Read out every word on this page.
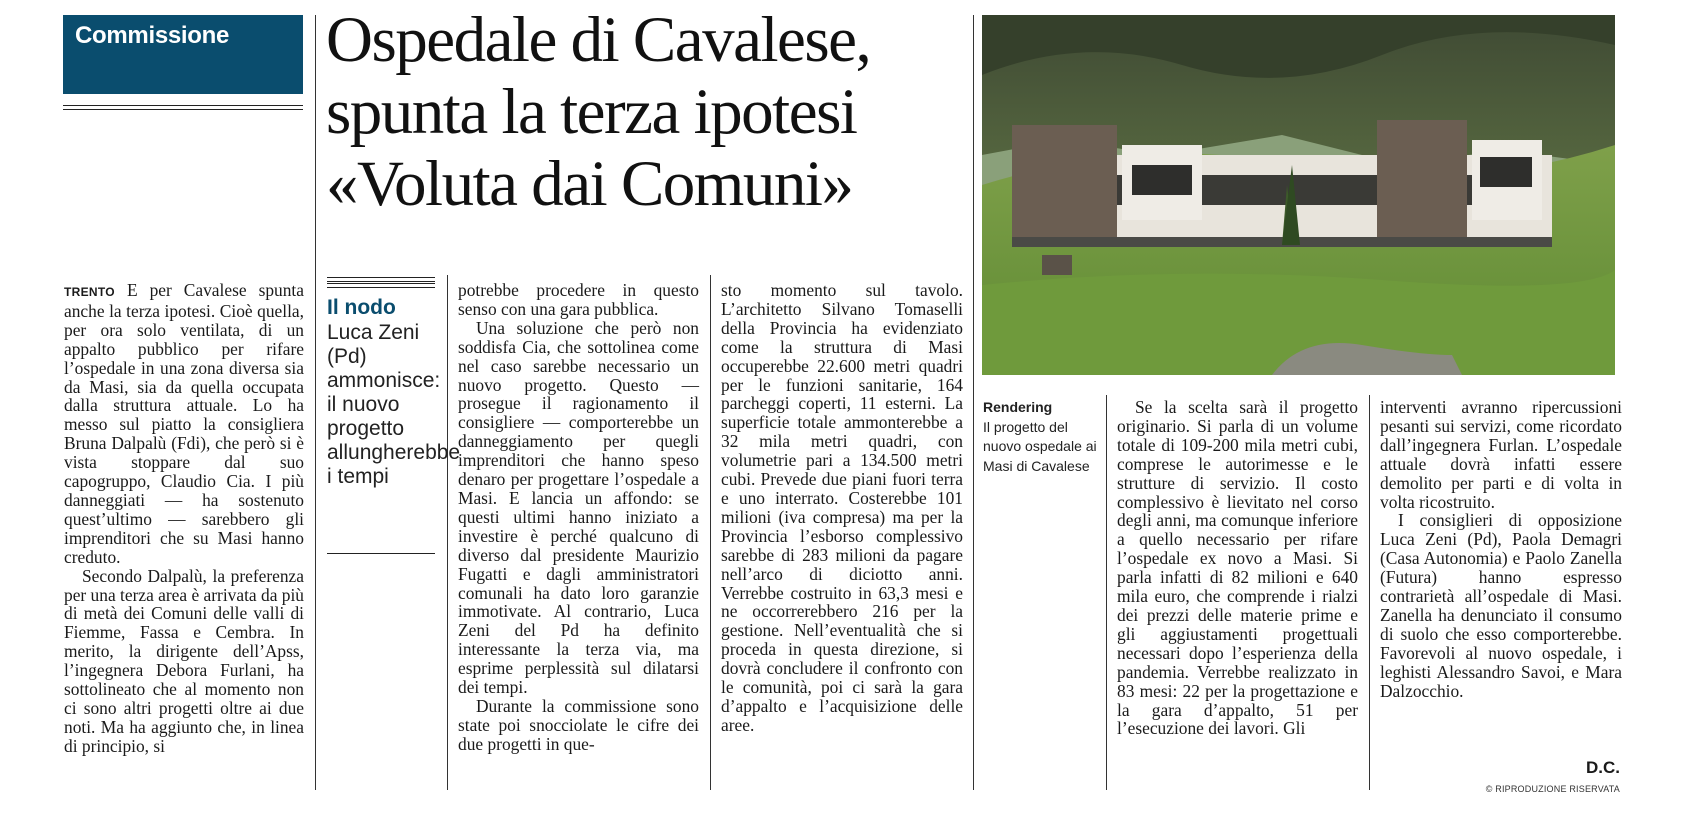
Commissione Ospedale di Cavalese,
spunta la terza ipotesi
«Voluta dai Comuni»

TRENTO E per Cavalese spunta anche la terza ipotesi. Cioè quella, per ora solo ventilata, di un appalto pubblico per rifare l’ospedale in una zona diversa sia da Masi, sia da quella occupata dalla struttura attuale. Lo ha messo sul piatto la consigliera Bruna Dalpalù (Fdi), che però si è vista stoppare dal suo capogruppo, Claudio Cia. I più danneggiati — ha sostenuto quest’ultimo — sarebbero gli imprenditori che su Masi hanno creduto.

Secondo Dalpalù, la preferenza per una terza area è arrivata da più di metà dei Comuni delle valli di Fiemme, Fassa e Cembra. In merito, la dirigente dell’Apss, l’ingegnera Debora Furlani, ha sottolineato che al momento non ci sono altri progetti oltre ai due noti. Ma ha aggiunto che, in linea di principio, si

Il nodo
Luca Zeni (Pd) ammonisce: il nuovo progetto allungherebbe i tempi

potrebbe procedere in questo senso con una gara pubblica.

Una soluzione che però non soddisfa Cia, che sottolinea come nel caso sarebbe necessario un nuovo progetto. Questo — prosegue il ragionamento il consigliere — comporterebbe un danneggiamento per quegli imprenditori che hanno speso denaro per progettare l’ospedale a Masi. E lancia un affondo: se questi ultimi hanno iniziato a investire è perché qualcuno di diverso dal presidente Maurizio Fugatti e dagli amministratori comunali ha dato loro garanzie immotivate. Al contrario, Luca Zeni del Pd ha definito interessante la terza via, ma esprime perplessità sul dilatarsi dei tempi.

Durante la commissione sono state poi snocciolate le cifre dei due progetti in que-

sto momento sul tavolo. L’architetto Silvano Tomaselli della Provincia ha evidenziato come la struttura di Masi occuperebbe 22.600 metri quadri per le funzioni sanitarie, 164 parcheggi coperti, 11 esterni. La superficie totale ammonterebbe a 32 mila metri quadri, con volumetrie pari a 134.500 metri cubi. Prevede due piani fuori terra e uno interrato. Costerebbe 101 milioni (iva compresa) ma per la Provincia l’esborso complessivo sarebbe di 283 milioni da pagare nell’arco di diciotto anni. Verrebbe costruito in 63,3 mesi e ne occorrerebbero 216 per la gestione. Nell’eventualità che si proceda in questa direzione, si dovrà concludere il confronto con le comunità, poi ci sarà la gara d’appalto e l’acquisizione delle aree.

Rendering
Il progetto del nuovo ospedale ai Masi di Cavalese

Se la scelta sarà il progetto originario. Si parla di un volume totale di 109-200 mila metri cubi, comprese le autorimesse e le strutture di servizio. Il costo complessivo è lievitato nel corso degli anni, ma comunque inferiore a quello necessario per rifare l’ospedale ex novo a Masi. Si parla infatti di 82 milioni e 640 mila euro, che comprende i rialzi dei prezzi delle materie prime e gli aggiustamenti progettuali necessari dopo l’esperienza della pandemia. Verrebbe realizzato in 83 mesi: 22 per la progettazione e la gara d’appalto, 51 per l’esecuzione dei lavori. Gli

interventi avranno ripercussioni pesanti sui servizi, come ricordato dall’ingegnera Furlan. L’ospedale attuale dovrà infatti essere demolito per parti e di volta in volta ricostruito.

I consiglieri di opposizione Luca Zeni (Pd), Paola Demagri (Casa Autonomia) e Paolo Zanella (Futura) hanno espresso contrarietà all’ospedale di Masi. Zanella ha denunciato il consumo di suolo che esso comporterebbe. Favorevoli al nuovo ospedale, i leghisti Alessandro Savoi, e Mara Dalzocchio.

D.C.
© RIPRODUZIONE RISERVATA
